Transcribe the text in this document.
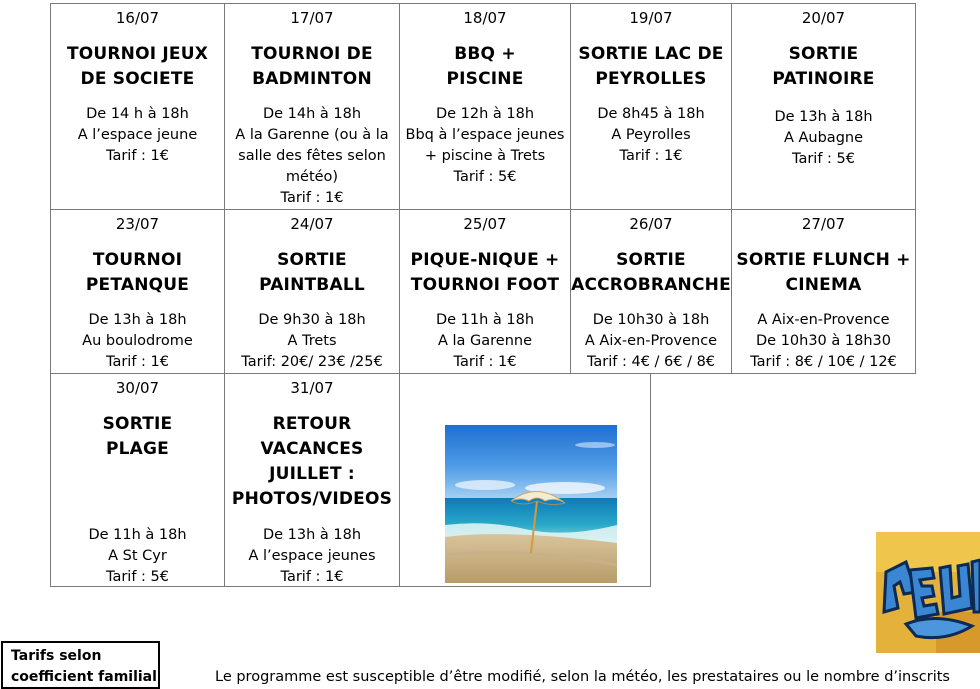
16/07
TOURNOI JEUX
DE SOCIETE
De 14 h à 18h
A l’espace jeune
Tarif : 1€
17/07
TOURNOI DE
BADMINTON
De 14h à 18h
A la Garenne (ou à la
salle des fêtes selon
météo)
Tarif : 1€
18/07
BBQ +
PISCINE
De 12h à 18h
Bbq à l’espace jeunes
+ piscine à Trets
Tarif : 5€
19/07
SORTIE LAC DE
PEYROLLES
De 8h45 à 18h
A Peyrolles
Tarif : 1€
20/07
SORTIE
PATINOIRE
De 13h à 18h
A Aubagne
Tarif : 5€
23/07
TOURNOI
PETANQUE
De 13h à 18h
Au boulodrome
Tarif : 1€
24/07
SORTIE
PAINTBALL
De 9h30 à 18h
A Trets
Tarif: 20€/ 23€ /25€
25/07
PIQUE-NIQUE +
TOURNOI FOOT
De 11h à 18h
A la Garenne
Tarif : 1€
26/07
SORTIE
ACCROBRANCHE
De 10h30 à 18h
A Aix-en-Provence
Tarif : 4€ / 6€ / 8€
27/07
SORTIE FLUNCH +
CINEMA
A Aix-en-Provence
De 10h30 à 18h30
Tarif : 8€ / 10€ / 12€
30/07
SORTIE
PLAGE
De 11h à 18h
A St Cyr
Tarif : 5€
31/07
RETOUR
VACANCES
JUILLET :
PHOTOS/VIDEOS
De 13h à 18h
A l’espace jeunes
Tarif : 1€
Tarifs selon
coefficient familial	Le programme est susceptible d’être modifié, selon la météo, les prestataires ou le nombre d’inscrits
